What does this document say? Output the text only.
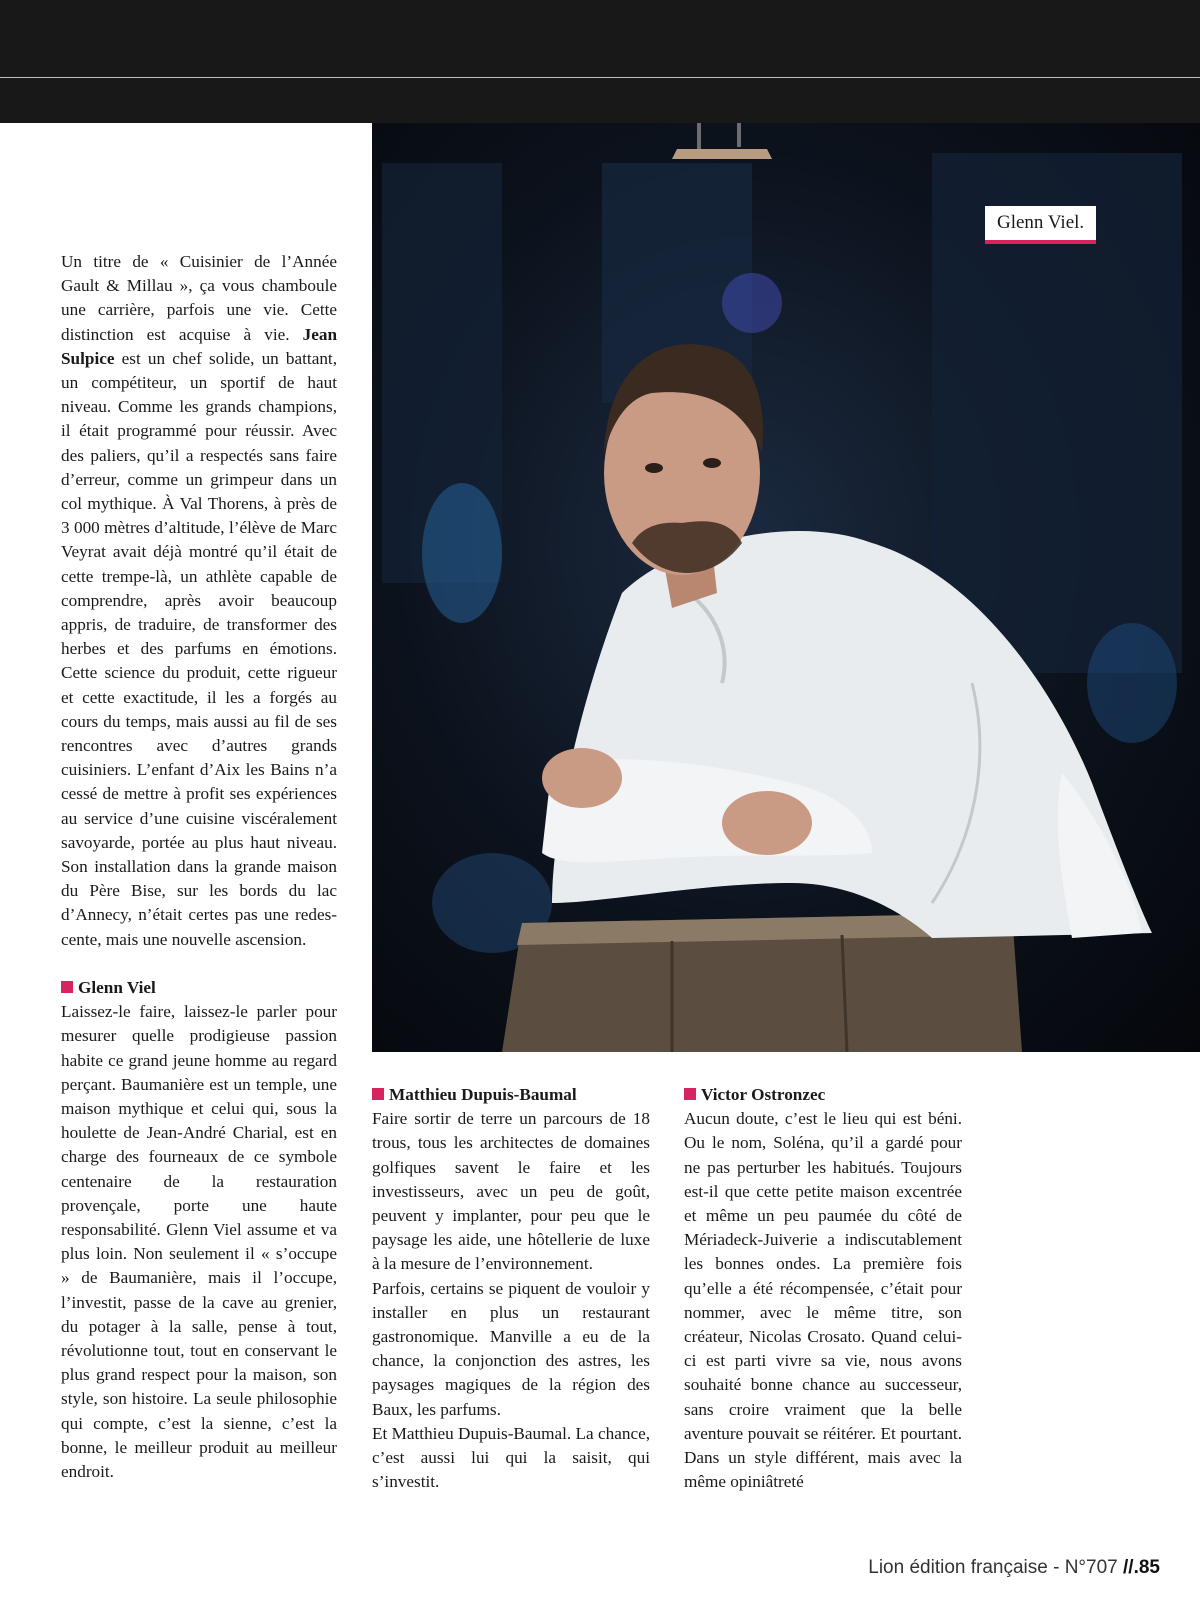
Glenn Viel.

Un titre de « Cuisinier de l’Année Gault & Millau », ça vous chamboule une carrière, parfois une vie. Cette distinction est acquise à vie. Jean Sulpice est un chef solide, un battant, un compétiteur, un sportif de haut niveau. Comme les grands champions, il était programmé pour réussir. Avec des paliers, qu’il a respectés sans faire d’erreur, comme un grimpeur dans un col mythique. À Val Thorens, à près de 3 000 mètres d’altitude, l’élève de Marc Veyrat avait déjà montré qu’il était de cette trempe-là, un athlète capable de comprendre, après avoir beaucoup appris, de traduire, de transformer des herbes et des parfums en émotions. Cette science du produit, cette rigueur et cette exactitude, il les a forgés au cours du temps, mais aussi au fil de ses rencontres avec d’autres grands cuisiniers. L’enfant d’Aix les Bains n’a cessé de mettre à profit ses expériences au service d’une cuisine viscéralement savoyarde, portée au plus haut niveau. Son installation dans la grande maison du Père Bise, sur les bords du lac d’Annecy, n’était certes pas une redescente, mais une nouvelle ascension.

Glenn Viel

Laissez-le faire, laissez-le parler pour mesurer quelle prodigieuse passion habite ce grand jeune homme au regard perçant. Baumanière est un temple, une maison mythique et celui qui, sous la houlette de Jean-André Charial, est en charge des fourneaux de ce symbole centenaire de la restauration provençale, porte une haute responsabilité. Glenn Viel assume et va plus loin. Non seulement il « s’occupe » de Baumanière, mais il l’occupe, l’investit, passe de la cave au grenier, du potager à la salle, pense à tout, révolutionne tout, tout en conservant le plus grand respect pour la maison, son style, son histoire. La seule philosophie qui compte, c’est la sienne, c’est la bonne, le meilleur produit au meilleur endroit.

Matthieu Dupuis-Baumal

Faire sortir de terre un parcours de 18 trous, tous les architectes de domaines golfiques savent le faire et les investisseurs, avec un peu de goût, peuvent y implanter, pour peu que le paysage les aide, une hôtellerie de luxe à la mesure de l’environnement.

Parfois, certains se piquent de vouloir y installer en plus un restaurant gastronomique. Manville a eu de la chance, la conjonction des astres, les paysages magiques de la région des Baux, les parfums.

Et Matthieu Dupuis-Baumal. La chance, c’est aussi lui qui la saisit, qui s’investit.

Victor Ostronzec

Aucun doute, c’est le lieu qui est béni. Ou le nom, Soléna, qu’il a gardé pour ne pas perturber les habitués. Toujours est-il que cette petite maison excentrée et même un peu paumée du côté de Mériadeck-Juiverie a indiscutablement les bonnes ondes. La première fois qu’elle a été récompensée, c’était pour nommer, avec le même titre, son créateur, Nicolas Crosato. Quand celui-ci est parti vivre sa vie, nous avons souhaité bonne chance au successeur, sans croire vraiment que la belle aventure pouvait se réitérer. Et pourtant. Dans un style différent, mais avec la même opiniâtreté

Lion édition française - N°707 //.85
